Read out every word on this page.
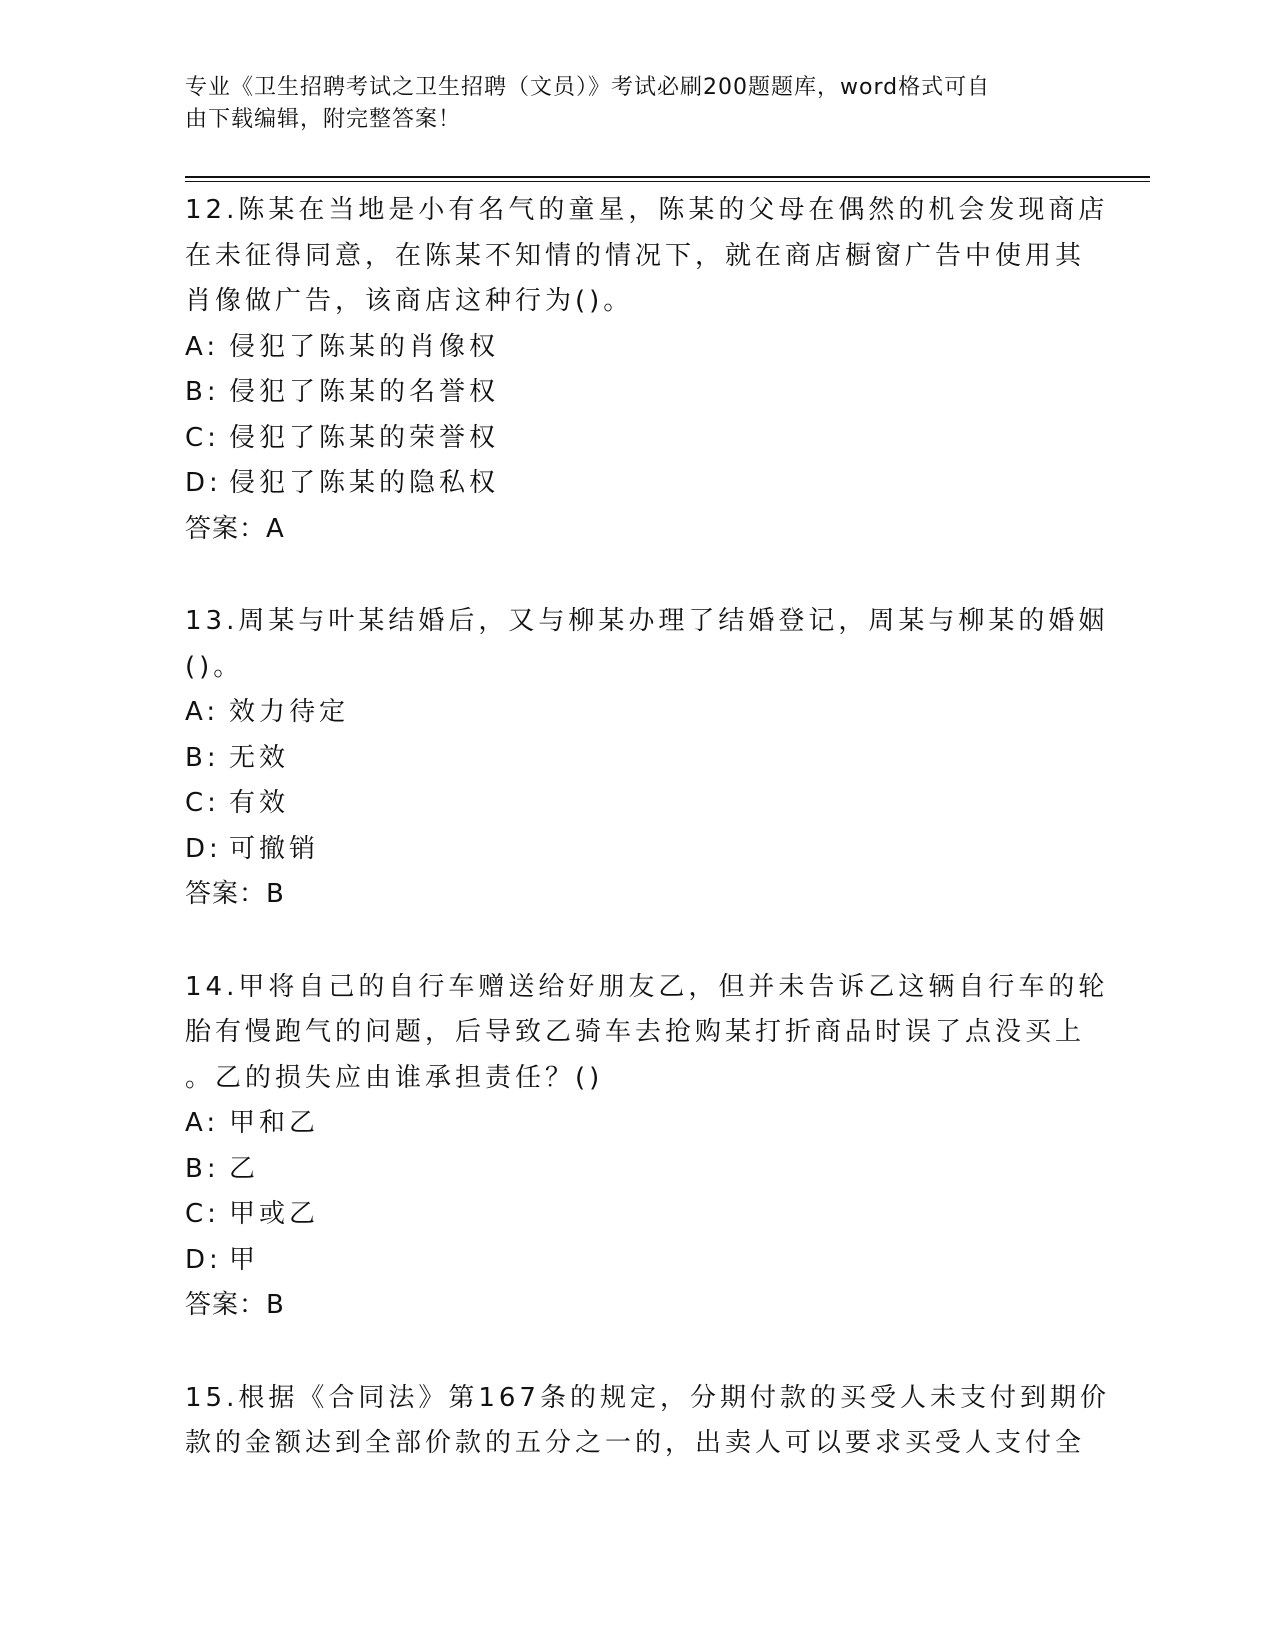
专业《卫生招聘考试之卫生招聘（文员）》考试必刷200题题库，word格式可自
由下载编辑，附完整答案！
12.陈某在当地是小有名气的童星，陈某的父母在偶然的机会发现商店
在未征得同意，在陈某不知情的情况下，就在商店橱窗广告中使用其
肖像做广告，该商店这种行为()。
A: 侵犯了陈某的肖像权
B: 侵犯了陈某的名誉权
C: 侵犯了陈某的荣誉权
D: 侵犯了陈某的隐私权
答案：A
13.周某与叶某结婚后，又与柳某办理了结婚登记，周某与柳某的婚姻
()。
A: 效力待定
B: 无效
C: 有效
D: 可撤销
答案：B
14.甲将自己的自行车赠送给好朋友乙，但并未告诉乙这辆自行车的轮
胎有慢跑气的问题，后导致乙骑车去抢购某打折商品时误了点没买上
。乙的损失应由谁承担责任？()
A: 甲和乙
B: 乙
C: 甲或乙
D: 甲
答案：B
15.根据《合同法》第167条的规定，分期付款的买受人未支付到期价
款的金额达到全部价款的五分之一的，出卖人可以要求买受人支付全
